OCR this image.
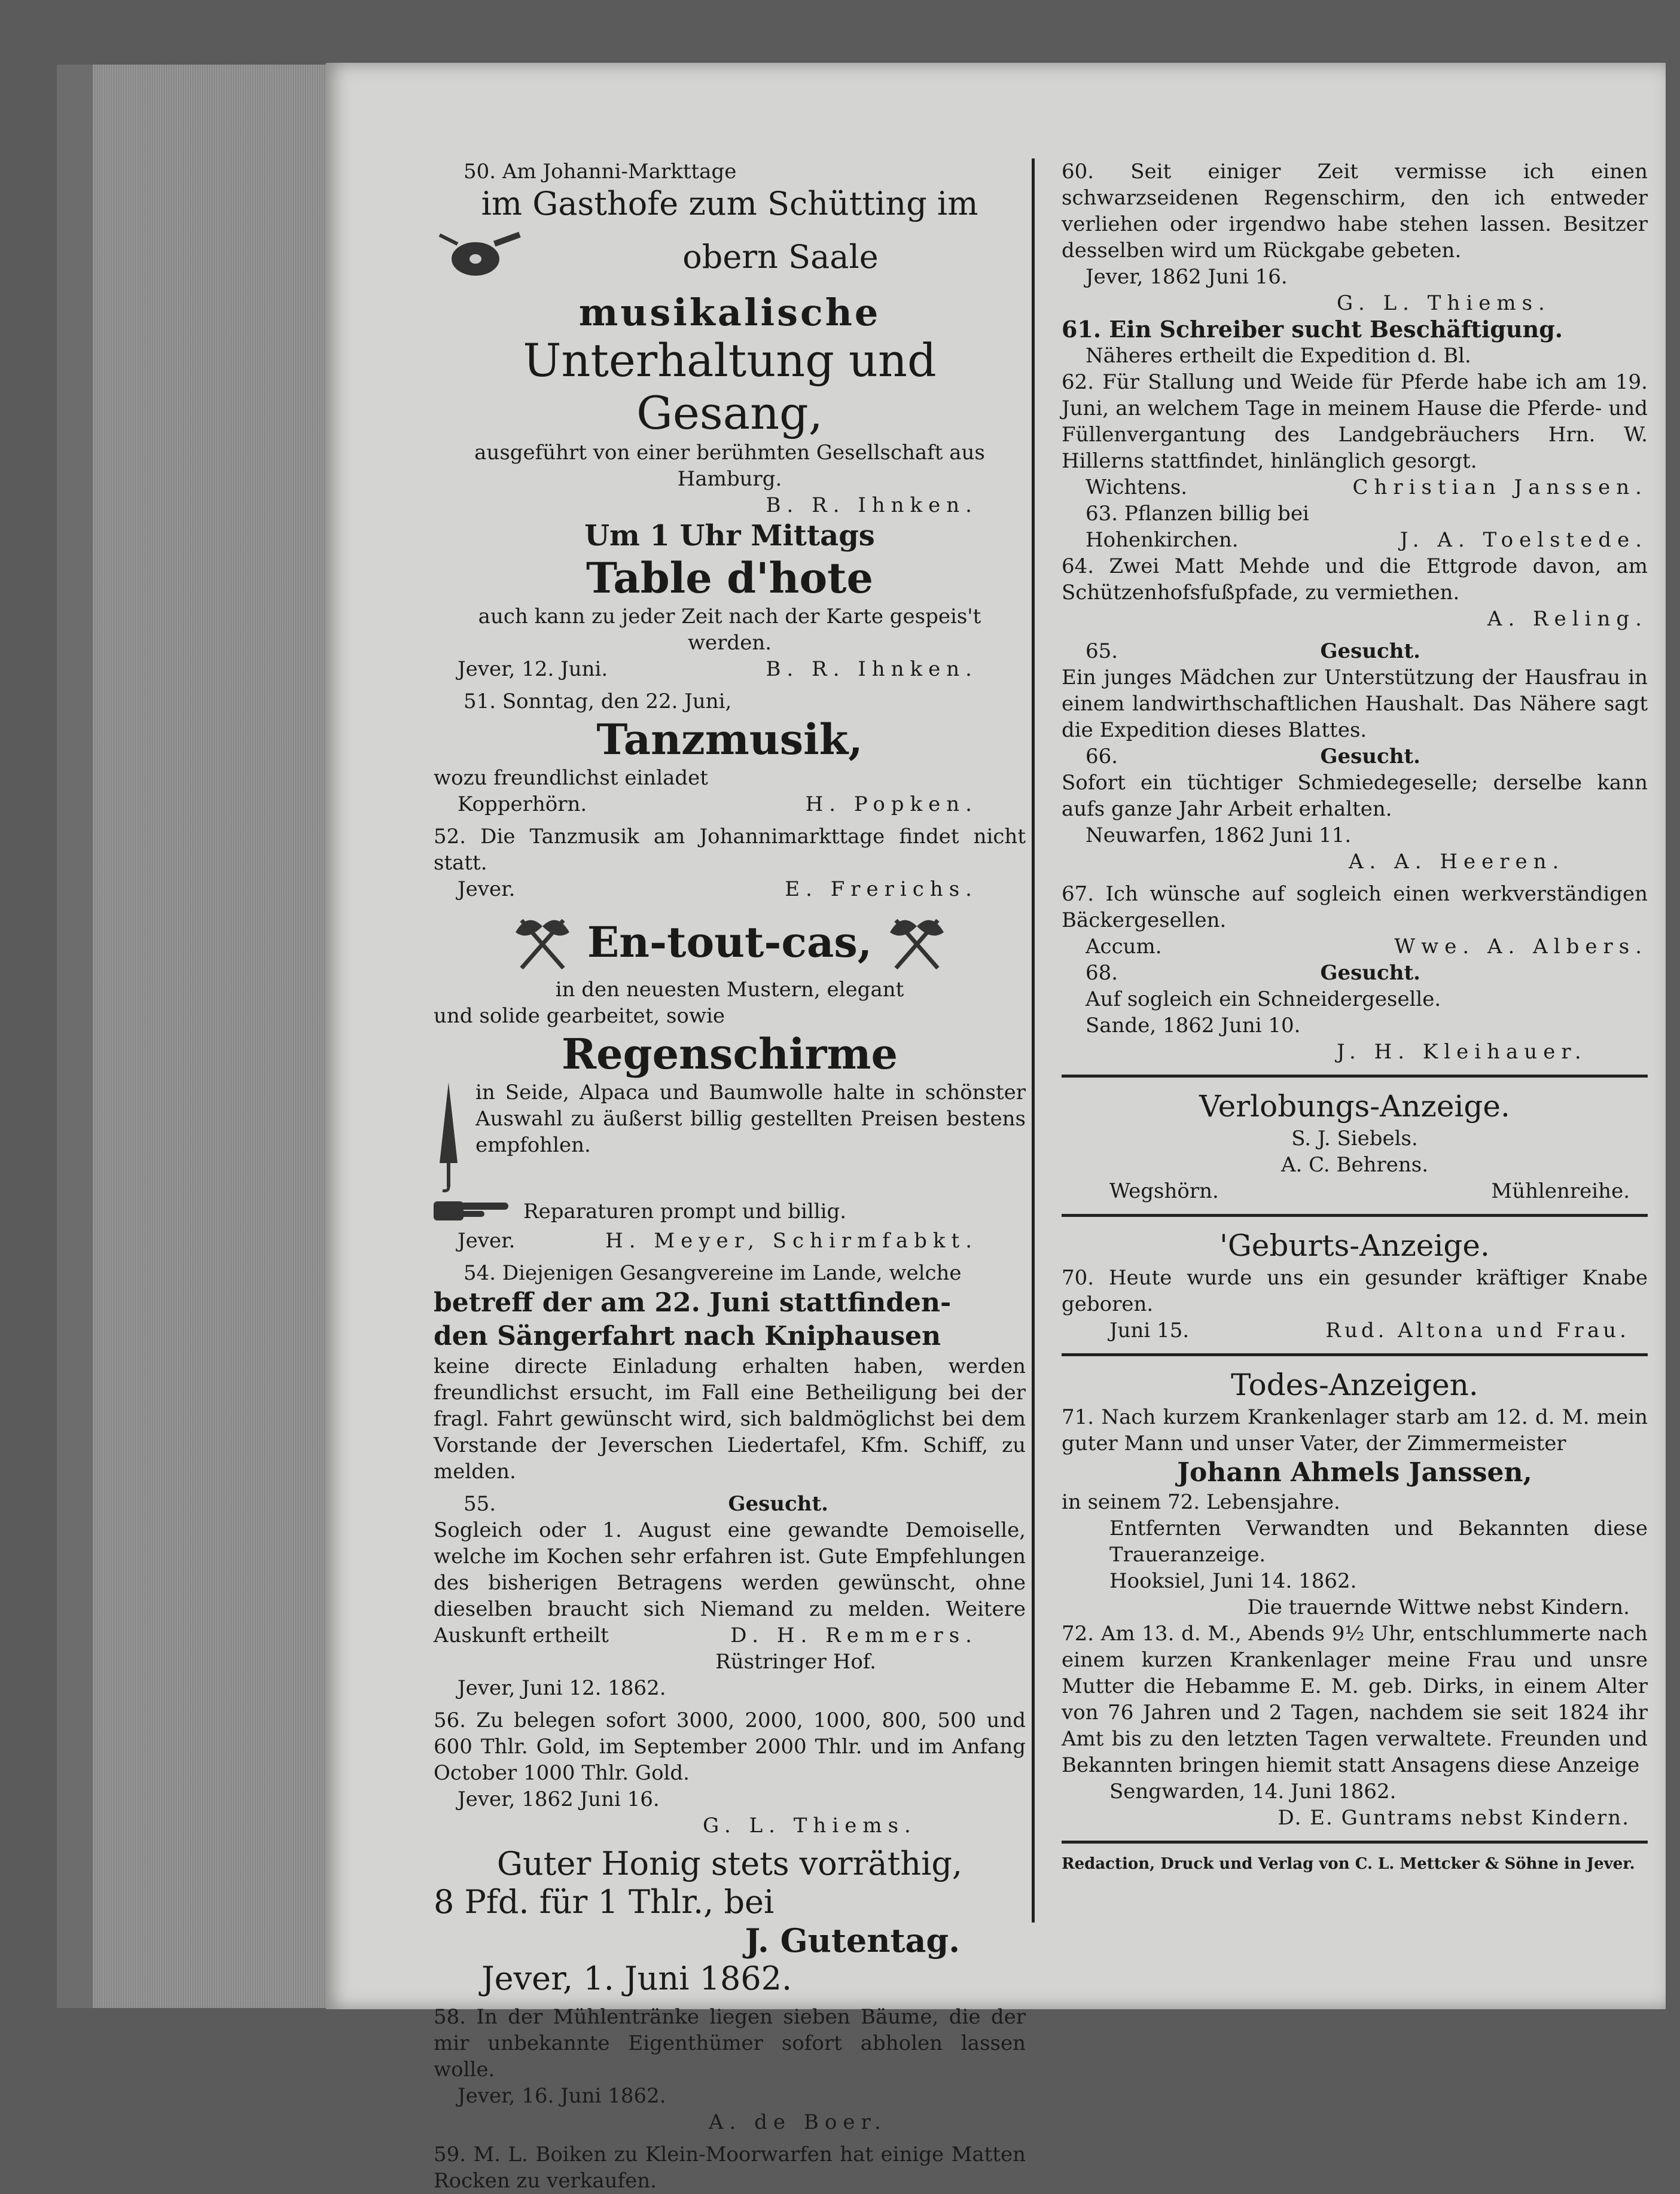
50. Am Johanni-Markttage

im Gasthofe zum Schütting im

obern Saale

musikalische

Unterhaltung und Gesang,

ausgeführt von einer berühmten Gesellschaft aus Hamburg.

B. R. Ihnken.

Um 1 Uhr Mittags

Table d'hote

auch kann zu jeder Zeit nach der Karte gespeis't werden.

Jever, 12. Juni.	B. R. Ihnken.

51. Sonntag, den 22. Juni,

Tanzmusik,

wozu freundlichst einladet

Kopperhörn.	H. Popken.

52. Die Tanzmusik am Johannimarkttage findet nicht statt.

Jever.	E. Frerichs.

En-tout-cas,

in den neuesten Mustern, elegant

und solide gearbeitet, sowie

Regenschirme

in Seide, Alpaca und Baumwolle halte in schönster Auswahl zu äußerst billig gestellten Preisen bestens empfohlen.

Reparaturen prompt und billig.

Jever.	H. Meyer, Schirmfabkt.

54. Diejenigen Gesangvereine im Lande, welche

betreff der am 22. Juni stattfinden-

den Sängerfahrt nach Kniphausen

keine directe Einladung erhalten haben, werden freundlichst ersucht, im Fall eine Betheiligung bei der fragl. Fahrt gewünscht wird, sich baldmöglichst bei dem Vorstande der Jeverschen Liedertafel, Kfm. Schiff, zu melden.

55.	Gesucht.

Sogleich oder 1. August eine gewandte Demoiselle, welche im Kochen sehr erfahren ist. Gute Empfehlungen des bisherigen Betragens werden gewünscht, ohne dieselben braucht sich Niemand zu melden. Weitere Auskunft ertheilt	D. H. Remmers.

Rüstringer Hof.

Jever, Juni 12. 1862.

56. Zu belegen sofort 3000, 2000, 1000, 800, 500 und 600 Thlr. Gold, im September 2000 Thlr. und im Anfang October 1000 Thlr. Gold.

Jever, 1862 Juni 16.

G. L. Thiems.

Guter Honig stets vorräthig,

8 Pfd. für 1 Thlr., bei

J. Gutentag.

Jever, 1. Juni 1862.

58. In der Mühlentränke liegen sieben Bäume, die der mir unbekannte Eigenthümer sofort abholen lassen wolle.

Jever, 16. Juni 1862.

A. de Boer.

59. M. L. Boiken zu Klein-Moorwarfen hat einige Matten Rocken zu verkaufen.

60. Seit einiger Zeit vermisse ich einen schwarzseidenen Regenschirm, den ich entweder verliehen oder irgendwo habe stehen lassen. Besitzer desselben wird um Rückgabe gebeten.

Jever, 1862 Juni 16.

G. L. Thiems.

61. Ein Schreiber sucht Beschäftigung.

Näheres ertheilt die Expedition d. Bl.

62. Für Stallung und Weide für Pferde habe ich am 19. Juni, an welchem Tage in meinem Hause die Pferde- und Füllenvergantung des Landgebräuchers Hrn. W. Hillerns stattfindet, hinlänglich gesorgt.

Wichtens.	Christian Janssen.

63. Pflanzen billig bei

Hohenkirchen.	J. A. Toelstede.

64. Zwei Matt Mehde und die Ettgrode davon, am Schützenhofsfußpfade, zu vermiethen.

A. Reling.

65.	Gesucht.

Ein junges Mädchen zur Unterstützung der Hausfrau in einem landwirthschaftlichen Haushalt. Das Nähere sagt die Expedition dieses Blattes.

66.	Gesucht.

Sofort ein tüchtiger Schmiedegeselle; derselbe kann aufs ganze Jahr Arbeit erhalten.

Neuwarfen, 1862 Juni 11.

A. A. Heeren.

67. Ich wünsche auf sogleich einen werkverständigen Bäckergesellen.

Accum.	Wwe. A. Albers.
68.	Gesucht.

Auf sogleich ein Schneidergeselle.

Sande, 1862 Juni 10.

J. H. Kleihauer.

Verlobungs-Anzeige.

S. J. Siebels.

A. C. Behrens.

Wegshörn.	Mühlenreihe.

'Geburts-Anzeige.

70. Heute wurde uns ein gesunder kräftiger Knabe geboren.

Juni 15.	Rud. Altona und Frau.

Todes-Anzeigen.

71. Nach kurzem Krankenlager starb am 12. d. M. mein guter Mann und unser Vater, der Zimmermeister

Johann Ahmels Janssen,

in seinem 72. Lebensjahre.

Entfernten Verwandten und Bekannten diese Traueranzeige.

Hooksiel, Juni 14. 1862.

Die trauernde Wittwe nebst Kindern.

72. Am 13. d. M., Abends 9½ Uhr, entschlummerte nach einem kurzen Krankenlager meine Frau und unsre Mutter die Hebamme E. M. geb. Dirks, in einem Alter von 76 Jahren und 2 Tagen, nachdem sie seit 1824 ihr Amt bis zu den letzten Tagen verwaltete. Freunden und Bekannten bringen hiemit statt Ansagens diese Anzeige

Sengwarden, 14. Juni 1862.

D. E. Guntrams nebst Kindern.

Redaction, Druck und Verlag von C. L. Mettcker & Söhne in Jever.
